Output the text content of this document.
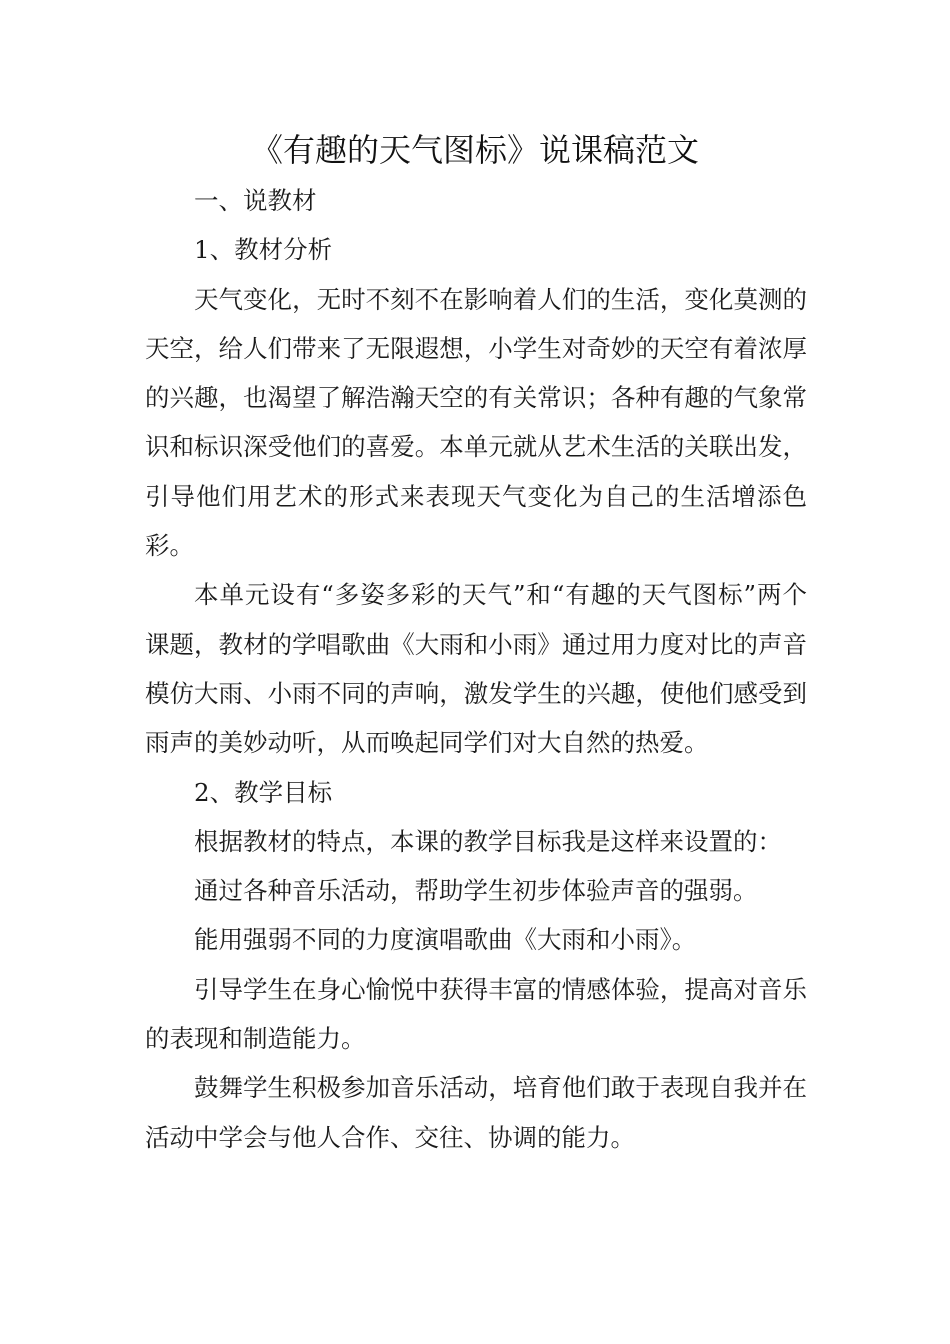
《有趣的天气图标》说课稿范文

一、说教材

1、教材分析

天气变化，无时不刻不在影响着人们的生活，变化莫测的天空，给人们带来了无限遐想，小学生对奇妙的天空有着浓厚的兴趣，也渴望了解浩瀚天空的有关常识；各种有趣的气象常识和标识深受他们的喜爱。本单元就从艺术生活的关联出发，引导他们用艺术的形式来表现天气变化为自己的生活增添色彩。

本单元设有“多姿多彩的天气”和“有趣的天气图标”两个课题，教材的学唱歌曲《大雨和小雨》通过用力度对比的声音模仿大雨、小雨不同的声响，激发学生的兴趣，使他们感受到雨声的美妙动听，从而唤起同学们对大自然的热爱。

2、教学目标

根据教材的特点，本课的教学目标我是这样来设置的：

通过各种音乐活动，帮助学生初步体验声音的强弱。

能用强弱不同的力度演唱歌曲《大雨和小雨》。

引导学生在身心愉悦中获得丰富的情感体验，提高对音乐的表现和制造能力。

鼓舞学生积极参加音乐活动，培育他们敢于表现自我并在活动中学会与他人合作、交往、协调的能力。
